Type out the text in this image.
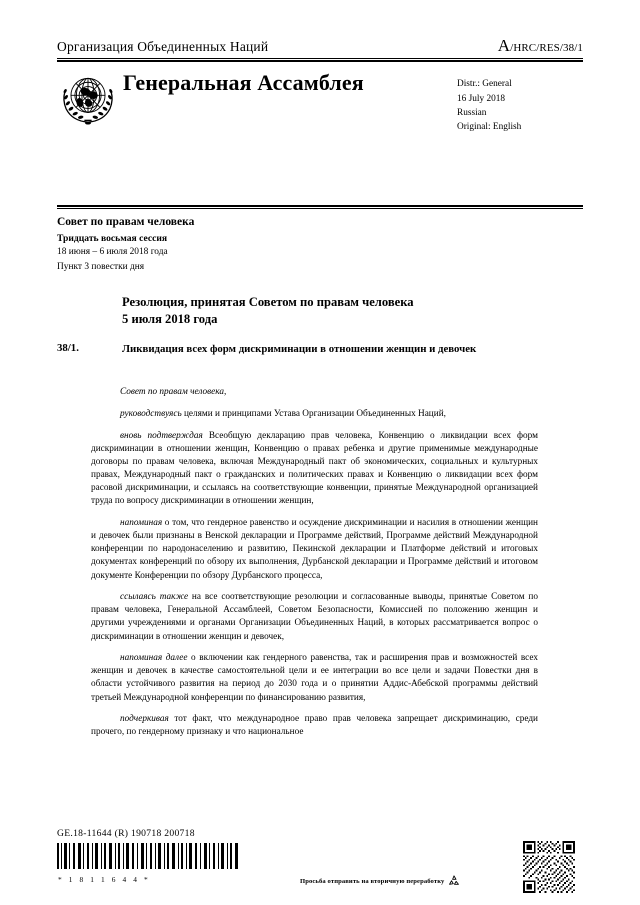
Организация Объединенных Наций	A/HRC/RES/38/1
Генеральная Ассамблея	Distr.: General
16 July 2018
Russian
Original: English
Совет по правам человека
Тридцать восьмая сессия
18 июня – 6 июля 2018 года
Пункт 3 повестки дня
Резолюция, принятая Советом по правам человека
5 июля 2018 года
38/1.	Ликвидация всех форм дискриминации в отношении женщин и девочек

Совет по правам человека,

руководствуясь целями и принципами Устава Организации Объединенных Наций,

вновь подтверждая Всеобщую декларацию прав человека, Конвенцию о ликвидации всех форм дискриминации в отношении женщин, Конвенцию о правах ребенка и другие применимые международные договоры по правам человека, включая Международный пакт об экономических, социальных и культурных правах, Международный пакт о гражданских и политических правах и Конвенцию о ликвидации всех форм расовой дискриминации, и ссылаясь на соответствующие конвенции, принятые Международной организацией труда по вопросу дискриминации в отношении женщин,

напоминая о том, что гендерное равенство и осуждение дискриминации и насилия в отношении женщин и девочек были признаны в Венской декларации и Программе действий, Программе действий Международной конференции по народонаселению и развитию, Пекинской декларации и Платформе действий и итоговых документах конференций по обзору их выполнения, Дурбанской декларации и Программе действий и итоговом документе Конференции по обзору Дурбанского процесса,

ссылаясь также на все соответствующие резолюции и согласованные выводы, принятые Советом по правам человека, Генеральной Ассамблеей, Советом Безопасности, Комиссией по положению женщин и другими учреждениями и органами Организации Объединенных Наций, в которых рассматривается вопрос о дискриминации в отношении женщин и девочек,

напоминая далее о включении как гендерного равенства, так и расширения прав и возможностей всех женщин и девочек в качестве самостоятельной цели и ее интеграции во все цели и задачи Повестки дня в области устойчивого развития на период до 2030 года и о принятии Аддис-Абебской программы действий третьей Международной конференции по финансированию развития,

подчеркивая тот факт, что международное право прав человека запрещает дискриминацию, среди прочего, по гендерному признаку и что национальное

GE.18-11644 (R) 190718 200718
* 1 8 1 1 6 4 4 *	Просьба отправить на вторичную переработку
